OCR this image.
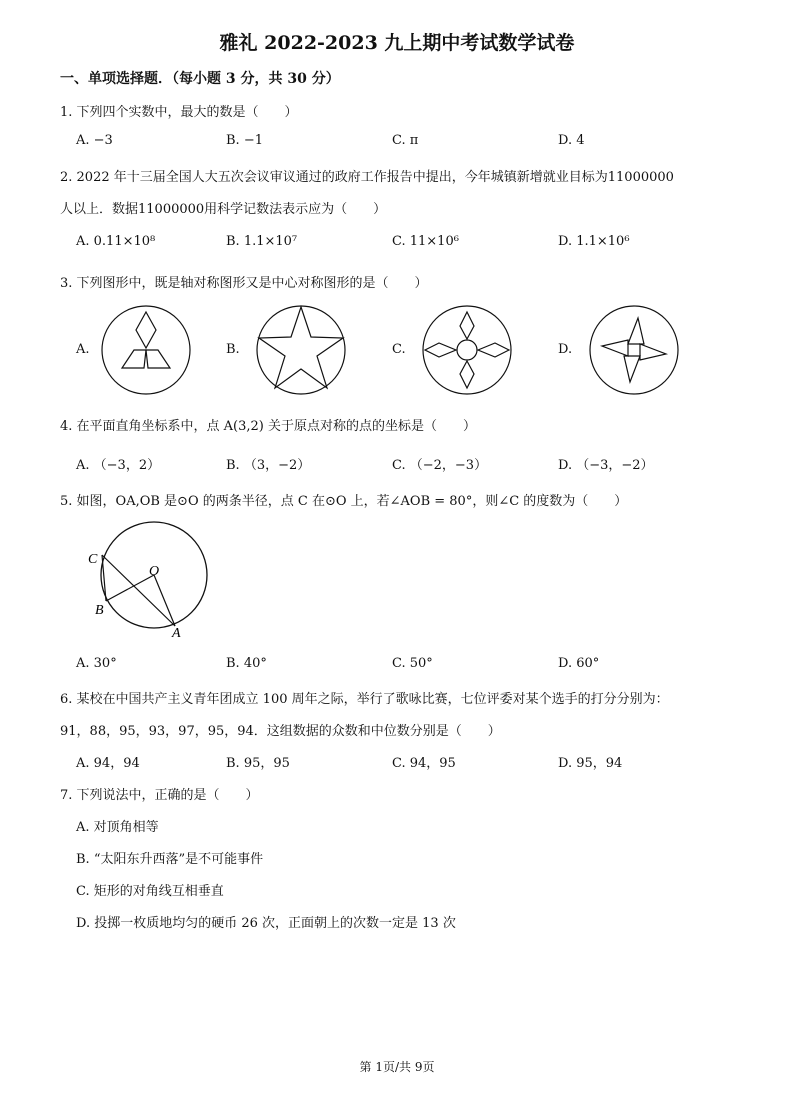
雅礼 2022-2023 九上期中考试数学试卷
一、单项选择题．（每小题 3 分，共 30 分）
1. 下列四个实数中，最大的数是（　　）
A. −3	B. −1	C. π	D. 4
2. 2022 年十三届全国人大五次会议审议通过的政府工作报告中提出，今年城镇新增就业目标为11000000
人以上．数据11000000用科学记数法表示应为（　　）
A. 0.11×10⁸	B. 1.1×10⁷	C. 11×10⁶	D. 1.1×10⁶
3. 下列图形中，既是轴对称图形又是中心对称图形的是（　　）
A.	B.	C.	D.
4. 在平面直角坐标系中，点 A(3,2) 关于原点对称的点的坐标是（　　）
A. （−3，2）	B. （3，−2）	C. （−2，−3）	D. （−3，−2）
5. 如图，OA,OB 是⊙O 的两条半径，点 C 在⊙O 上，若∠AOB = 80°，则∠C 的度数为（　　）
C
O
B
A
A. 30°	B. 40°	C. 50°	D. 60°
6. 某校在中国共产主义青年团成立 100 周年之际，举行了歌咏比赛，七位评委对某个选手的打分分别为：
91，88，95，93，97，95，94．这组数据的众数和中位数分别是（　　）
A. 94，94	B. 95，95	C. 94，95	D. 95，94
7. 下列说法中，正确的是（　　）
A. 对顶角相等
B. “太阳东升西落”是不可能事件
C. 矩形的对角线互相垂直
D. 投掷一枚质地均匀的硬币 26 次，正面朝上的次数一定是 13 次
第 1页/共 9页
